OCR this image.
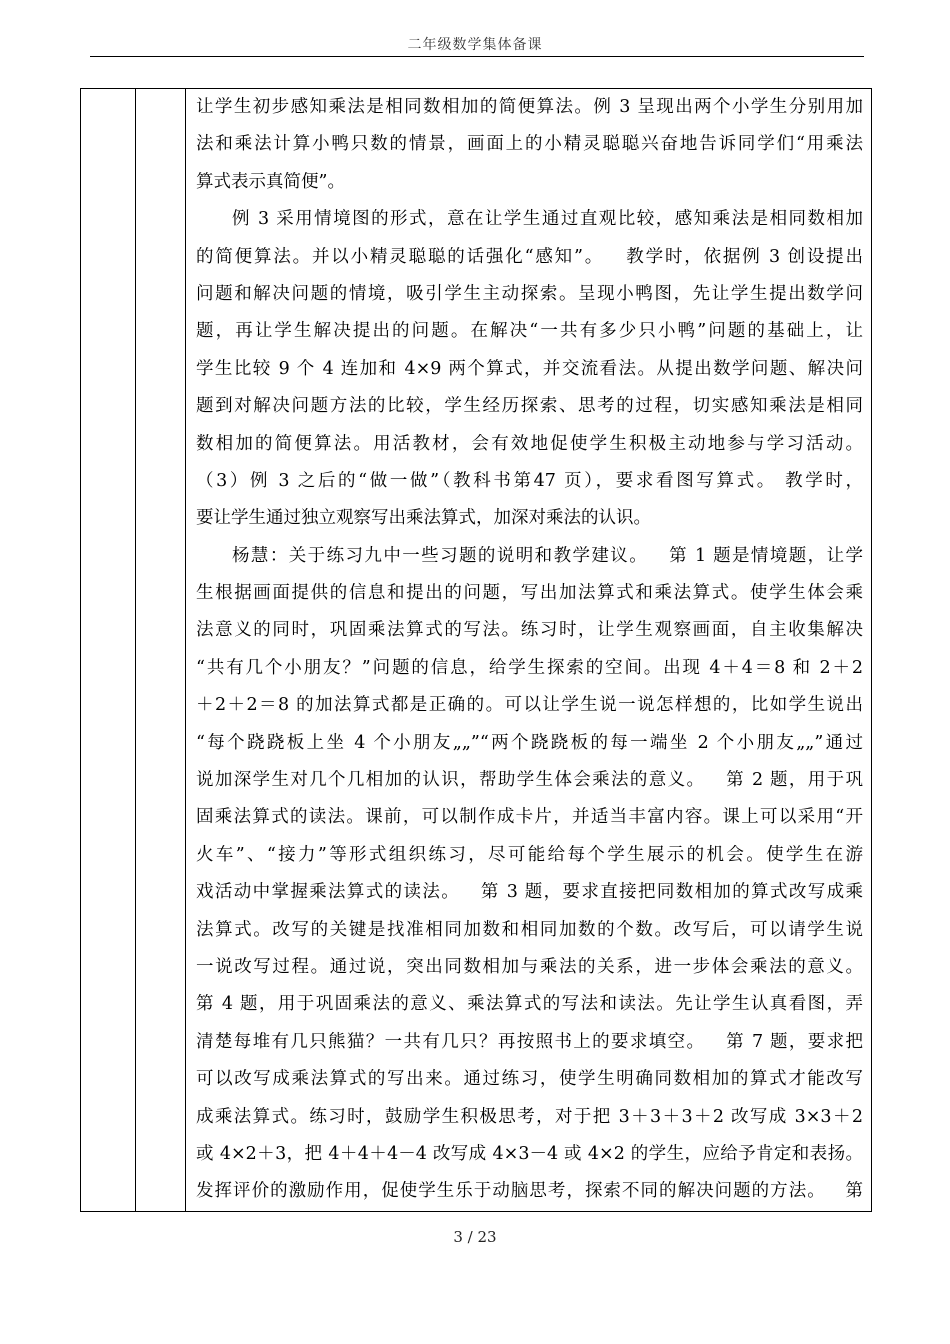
二年级数学集体备课
让学生初步感知乘法是相同数相加的简便算法。例 3 呈现出两个小学生分别用加
法和乘法计算小鸭只数的情景，画面上的小精灵聪聪兴奋地告诉同学们“用乘法
算式表示真简便”。
例 3 采用情境图的形式，意在让学生通过直观比较，感知乘法是相同数相加
的简便算法。并以小精灵聪聪的话强化“感知”。   教学时，依据例 3 创设提出
问题和解决问题的情境，吸引学生主动探索。呈现小鸭图，先让学生提出数学问
题，再让学生解决提出的问题。在解决“一共有多少只小鸭”问题的基础上，让
学生比较 9 个 4 连加和 4×9 两个算式，并交流看法。从提出数学问题、解决问
题到对解决问题方法的比较，学生经历探索、思考的过程，切实感知乘法是相同
数相加的简便算法。用活教材，会有效地促使学生积极主动地参与学习活动。
（3）例 3 之后的“做一做”（教科书第47 页），要求看图写算式。 教学时，
要让学生通过独立观察写出乘法算式，加深对乘法的认识。
杨慧：关于练习九中一些习题的说明和教学建议。   第 1 题是情境题，让学
生根据画面提供的信息和提出的问题，写出加法算式和乘法算式。使学生体会乘
法意义的同时，巩固乘法算式的写法。练习时，让学生观察画面，自主收集解决
“共有几个小朋友？”问题的信息，给学生探索的空间。出现 4＋4＝8 和 2＋2
＋2＋2＝8 的加法算式都是正确的。可以让学生说一说怎样想的，比如学生说出
“每个跷跷板上坐 4 个小朋友„„”“两个跷跷板的每一端坐 2 个小朋友„„”通过
说加深学生对几个几相加的认识，帮助学生体会乘法的意义。   第 2 题，用于巩
固乘法算式的读法。课前，可以制作成卡片，并适当丰富内容。课上可以采用“开
火车”、“接力”等形式组织练习，尽可能给每个学生展示的机会。使学生在游
戏活动中掌握乘法算式的读法。   第 3 题，要求直接把同数相加的算式改写成乘
法算式。改写的关键是找准相同加数和相同加数的个数。改写后，可以请学生说
一说改写过程。通过说，突出同数相加与乘法的关系，进一步体会乘法的意义。
第 4 题，用于巩固乘法的意义、乘法算式的写法和读法。先让学生认真看图，弄
清楚每堆有几只熊猫？一共有几只？再按照书上的要求填空。   第 7 题，要求把
可以改写成乘法算式的写出来。通过练习，使学生明确同数相加的算式才能改写
成乘法算式。练习时，鼓励学生积极思考，对于把 3＋3＋3＋2 改写成 3×3＋2
或 4×2＋3，把 4＋4＋4－4 改写成 4×3－4 或 4×2 的学生，应给予肯定和表扬。
发挥评价的激励作用，促使学生乐于动脑思考，探索不同的解决问题的方法。   第
3 / 23
